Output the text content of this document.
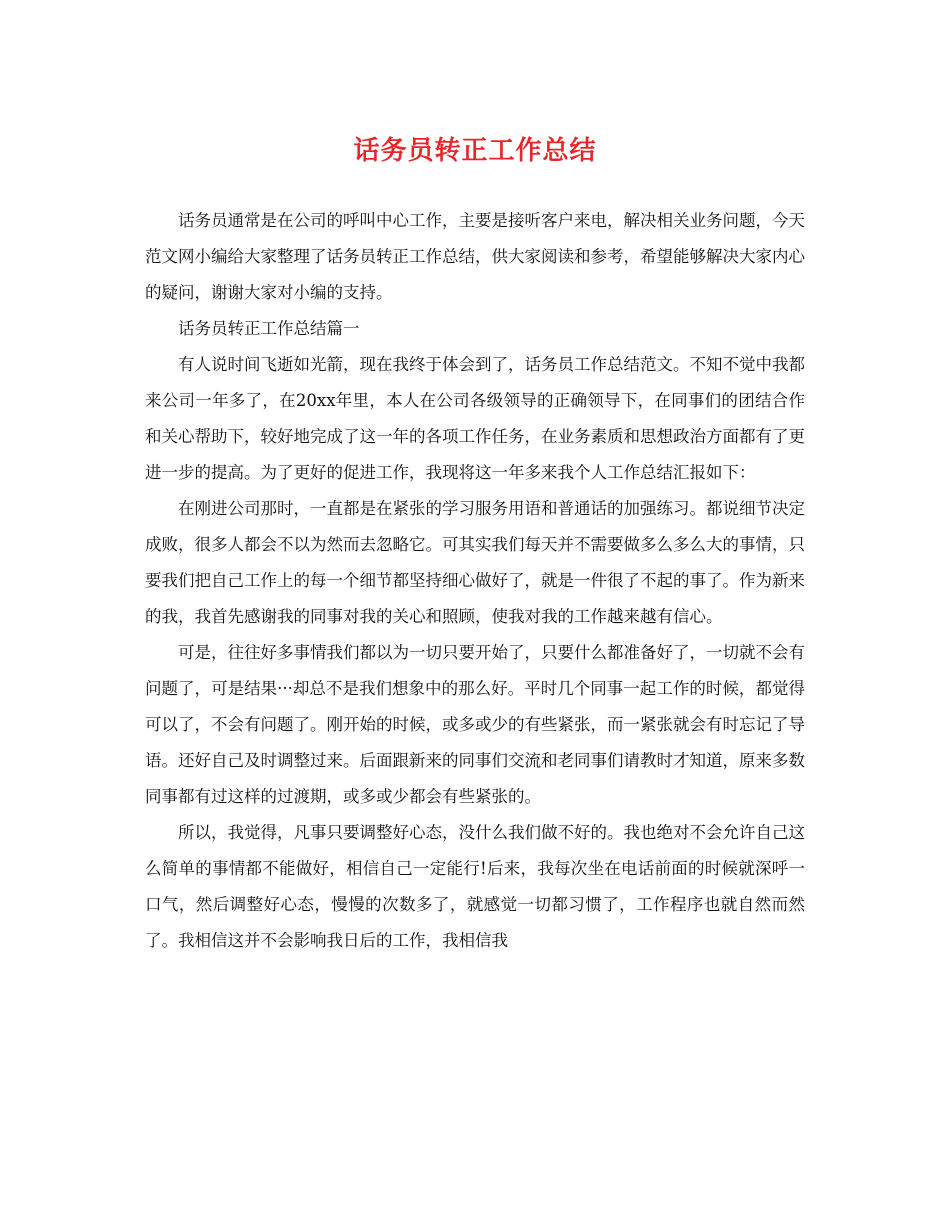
话务员转正工作总结

话务员通常是在公司的呼叫中心工作，主要是接听客户来电，解决相关业务问题，今天范文网小编给大家整理了话务员转正工作总结，供大家阅读和参考，希望能够解决大家内心的疑问，谢谢大家对小编的支持。

话务员转正工作总结篇一

有人说时间飞逝如光箭，现在我终于体会到了，话务员工作总结范文。不知不觉中我都来公司一年多了，在20xx年里，本人在公司各级领导的正确领导下，在同事们的团结合作和关心帮助下，较好地完成了这一年的各项工作任务，在业务素质和思想政治方面都有了更进一步的提高。为了更好的促进工作，我现将这一年多来我个人工作总结汇报如下：

在刚进公司那时，一直都是在紧张的学习服务用语和普通话的加强练习。都说细节决定成败，很多人都会不以为然而去忽略它。可其实我们每天并不需要做多么多么大的事情，只要我们把自己工作上的每一个细节都坚持细心做好了，就是一件很了不起的事了。作为新来的我，我首先感谢我的同事对我的关心和照顾，使我对我的工作越来越有信心。

可是，往往好多事情我们都以为一切只要开始了，只要什么都准备好了，一切就不会有问题了，可是结果···却总不是我们想象中的那么好。平时几个同事一起工作的时候，都觉得可以了，不会有问题了。刚开始的时候，或多或少的有些紧张，而一紧张就会有时忘记了导语。还好自己及时调整过来。后面跟新来的同事们交流和老同事们请教时才知道，原来多数同事都有过这样的过渡期，或多或少都会有些紧张的。

所以，我觉得，凡事只要调整好心态，没什么我们做不好的。我也绝对不会允许自己这么简单的事情都不能做好，相信自己一定能行!后来，我每次坐在电话前面的时候就深呼一口气，然后调整好心态，慢慢的次数多了，就感觉一切都习惯了，工作程序也就自然而然了。我相信这并不会影响我日后的工作，我相信我
